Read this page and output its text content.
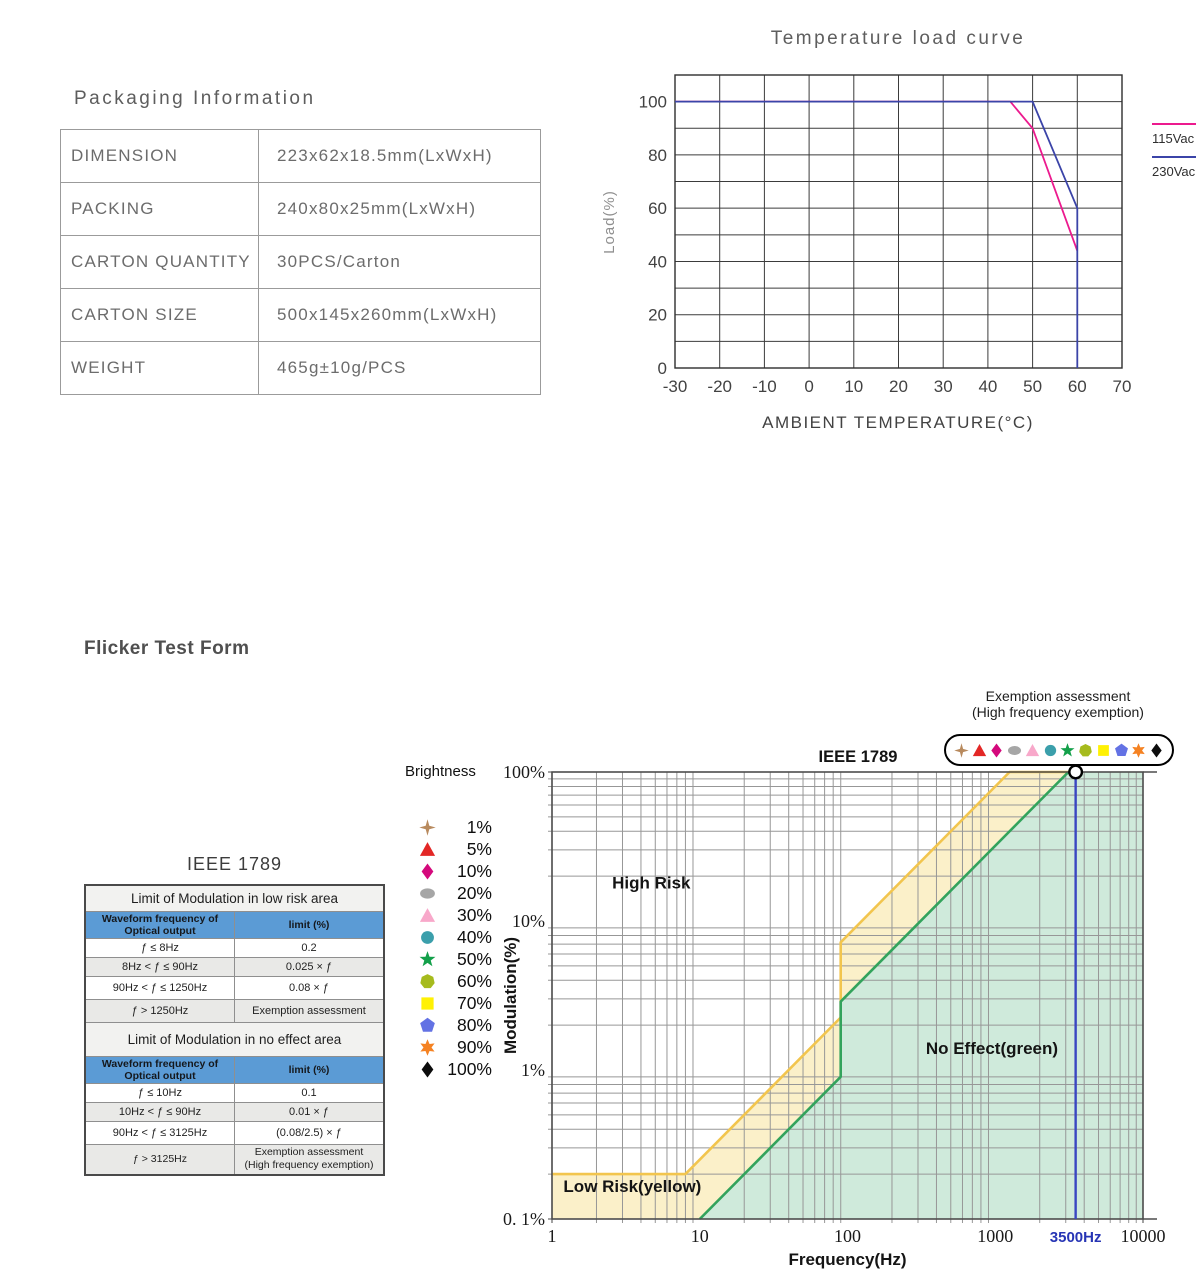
Packaging Information
DIMENSION	223x62x18.5mm(LxWxH)
PACKING	240x80x25mm(LxWxH)
CARTON QUANTITY	30PCS/Carton
CARTON SIZE	500x145x260mm(LxWxH)
WEIGHT	465g±10g/PCS
-30 -20 -10 0 10 20 30 40 50 60 70
0
20
40
60
80
100
Temperature load curve
AMBIENT TEMPERATURE(°C)
Load(%)
115Vac
230Vac
Flicker Test Form
IEEE 1789
Limit of Modulation in low risk area	
Waveform frequency of Optical output	limit (%)
ƒ ≤ 8Hz	0.2
8Hz < ƒ ≤ 90Hz	0.025 × ƒ
90Hz < ƒ ≤ 1250Hz	0.08 × ƒ
ƒ > 1250Hz	Exemption assessment
Limit of Modulation in no effect area	
Waveform frequency of Optical output	limit (%)
ƒ ≤ 10Hz	0.1
10Hz < ƒ ≤ 90Hz	0.01 × ƒ
90Hz < ƒ ≤ 3125Hz	(0.08/2.5) × ƒ
ƒ > 3125Hz	Exemption assessment
(High frequency exemption)
Brightness
1%
5%
10%
20%
30%
40%
50%
60%
70%
80%
90%
100%
Exemption assessment
(High frequency exemption)
High Risk
No Effect(green)
Low Risk(yellow)
100%
10%
1%
0. 1%
1	10	100	1000	10000
3500Hz
Frequency(Hz)
Modulation(%)
IEEE 1789
